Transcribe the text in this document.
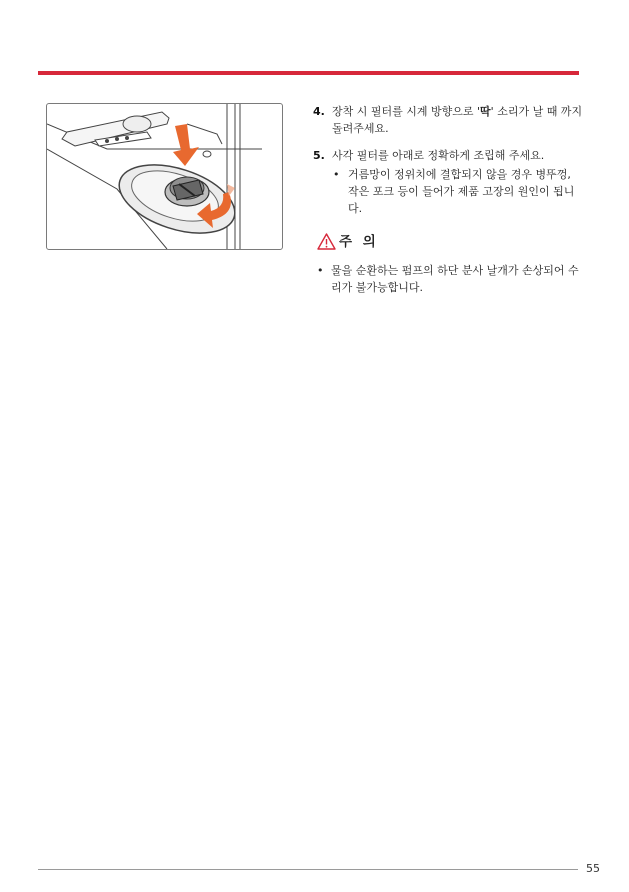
4. 장착 시 필터를 시계 방향으로 '딱' 소리가 날 때 까지 돌려주세요.
5. 사각 필터를 아래로 정확하게 조립해 주세요.
• 거름망이 정위치에 결합되지 않을 경우 병뚜껑, 작은 포크 등이 들어가 제품 고장의 원인이 됩니다.
주 의
• 물을 순환하는 펌프의 하단 분사 날개가 손상되어 수리가 불가능합니다.
55
